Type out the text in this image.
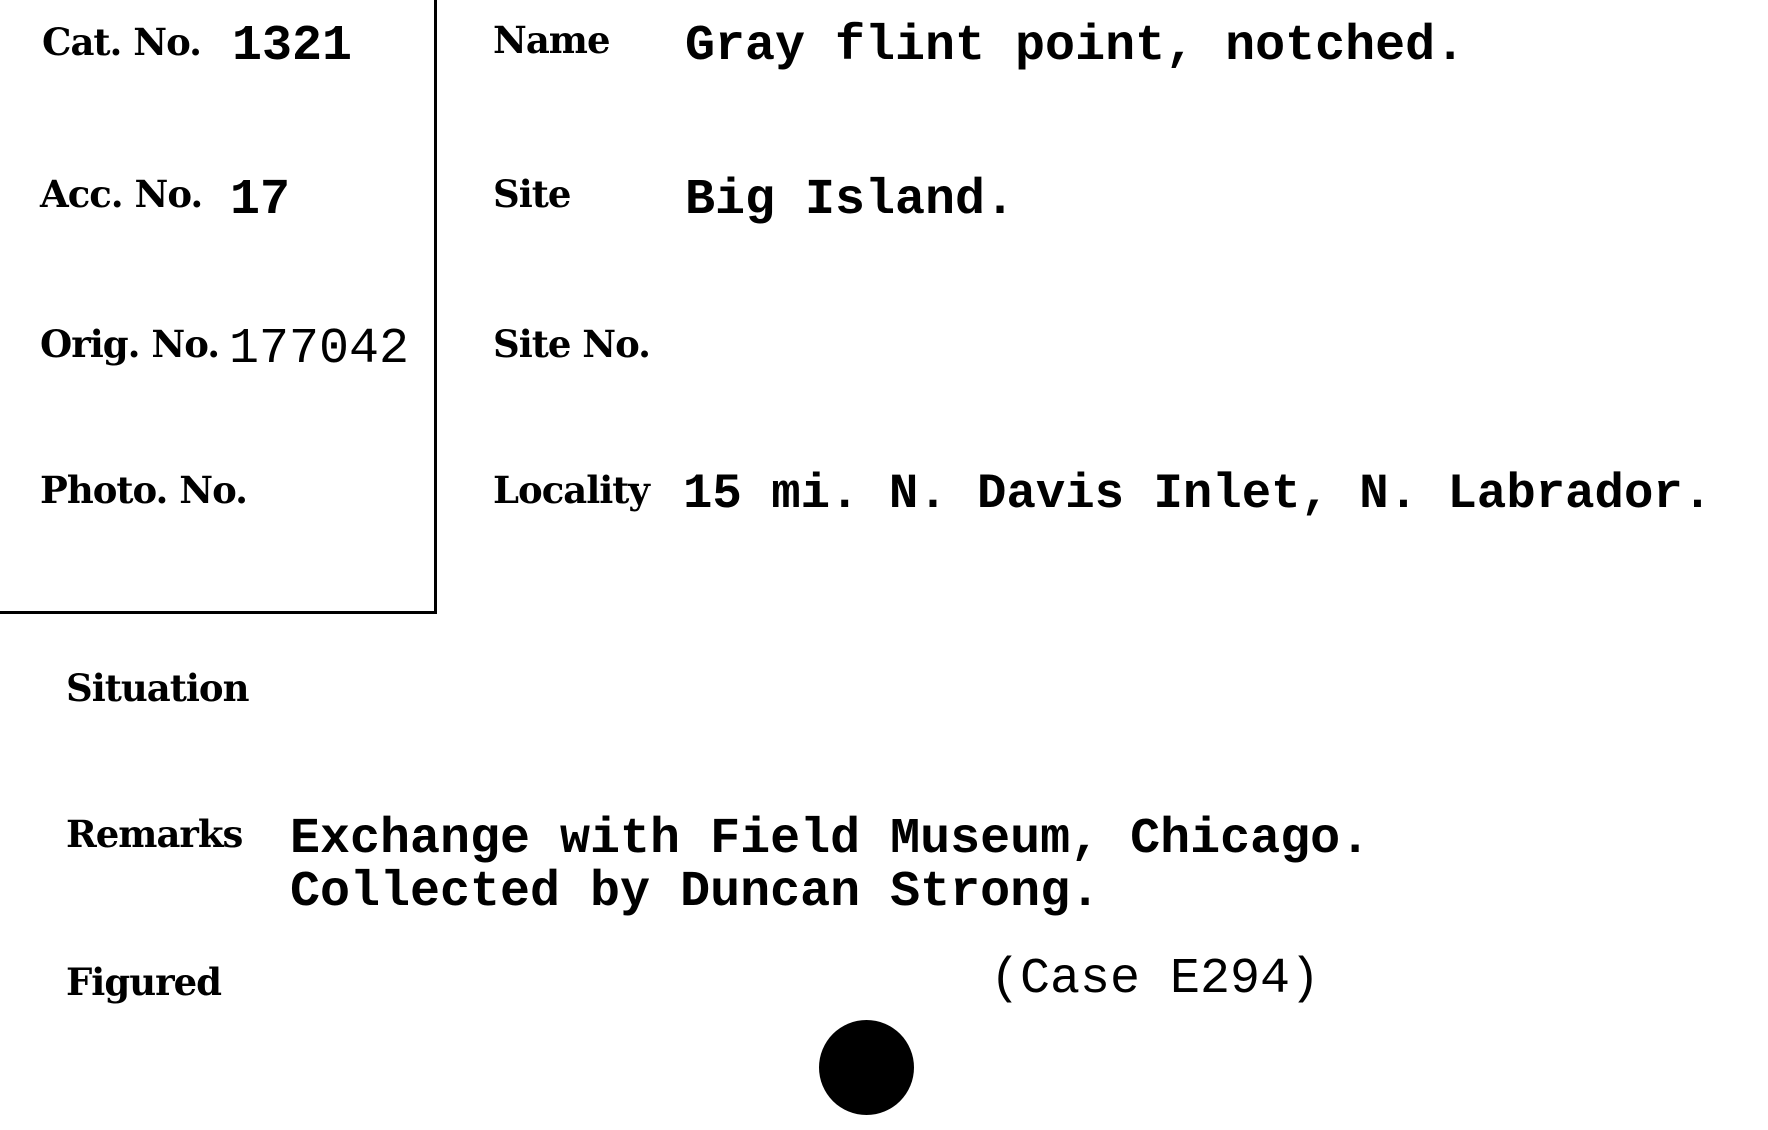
Cat. No. 1321
Acc. No. 17
Orig. No. 177042
Photo. No.
Name Gray flint point, notched.
Site Big Island.
Site No.
Locality 15 mi. N. Davis Inlet, N. Labrador.
Situation
Remarks Exchange with Field Museum, Chicago.
Collected by Duncan Strong.
Figured	(Case E294)
